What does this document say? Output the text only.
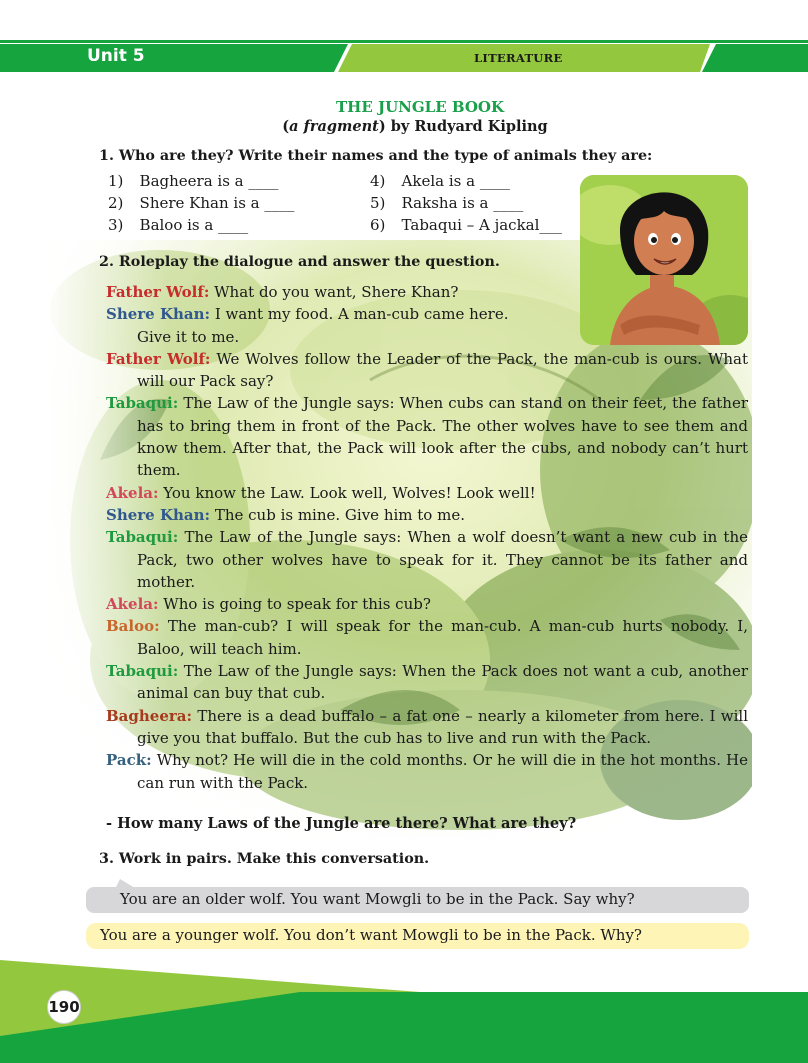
Unit 5	LITERATURE
THE JUNGLE BOOK
(a fragment) by Rudyard Kipling
1. Who are they? Write their names and the type of animals they are:
1) Bagheera is a ____
2) Shere Khan is a ____
3) Baloo is a ____
4) Akela is a ____
5) Raksha is a ____
6) Tabaqui – A jackal___
2. Roleplay the dialogue and answer the question.
Father Wolf: What do you want, Shere Khan?
Shere Khan: I want my food. A man-cub came here.
Give it to me.
Father Wolf: We Wolves follow the Leader of the Pack, the man-cub is ours. What will our Pack say?
Tabaqui: The Law of the Jungle says: When cubs can stand on their feet, the father has to bring them in front of the Pack. The other wolves have to see them and know them. After that, the Pack will look after the cubs, and nobody can’t hurt them.
Akela: You know the Law. Look well, Wolves! Look well!
Shere Khan: The cub is mine. Give him to me.
Tabaqui: The Law of the Jungle says: When a wolf doesn’t want a new cub in the Pack, two other wolves have to speak for it. They cannot be its father and mother.
Akela: Who is going to speak for this cub?
Baloo: The man-cub? I will speak for the man-cub. A man-cub hurts nobody. I, Baloo, will teach him.
Tabaqui: The Law of the Jungle says: When the Pack does not want a cub, another animal can buy that cub.
Bagheera: There is a dead buffalo – a fat one – nearly a kilometer from here. I will give you that buffalo. But the cub has to live and run with the Pack.
Pack: Why not? He will die in the cold months. Or he will die in the hot months. He can run with the Pack.
- How many Laws of the Jungle are there? What are they?
3. Work in pairs. Make this conversation.
You are an older wolf. You want Mowgli to be in the Pack. Say why?
You are a younger wolf. You don’t want Mowgli to be in the Pack. Why?
190
